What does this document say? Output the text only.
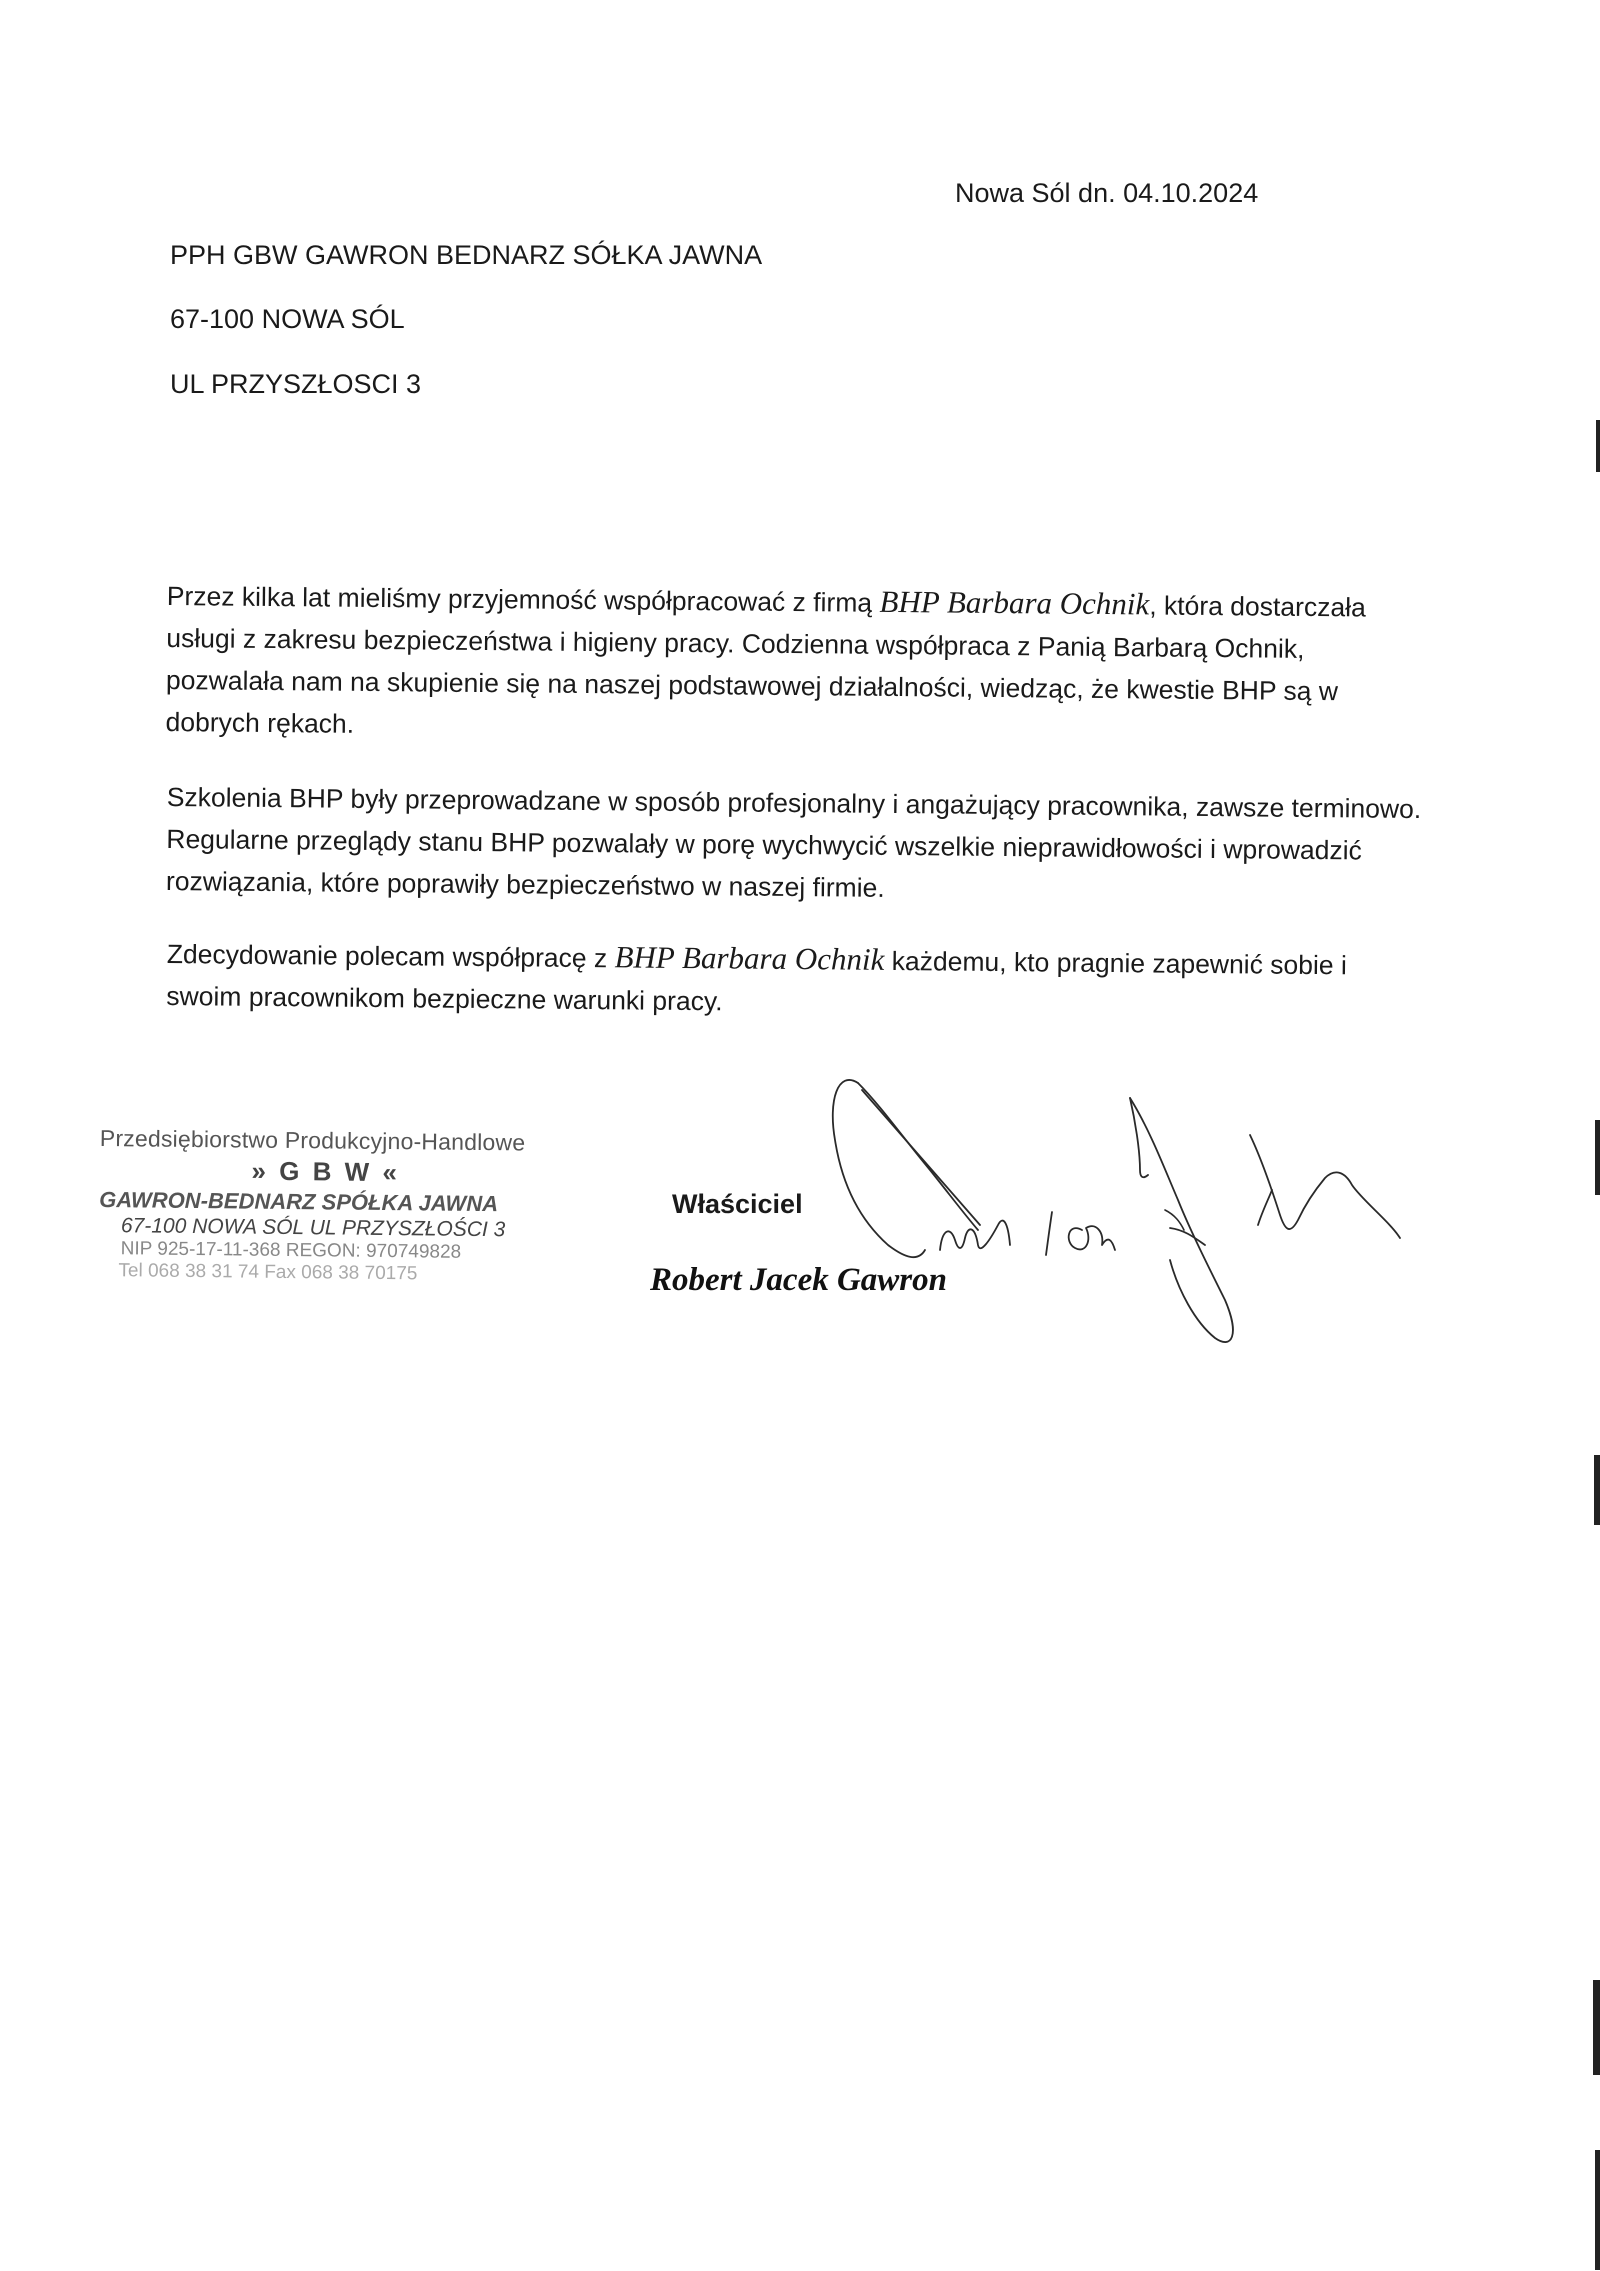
Nowa Sól dn. 04.10.2024
PPH GBW GAWRON BEDNARZ SÓŁKA JAWNA
67-100 NOWA SÓL
UL PRZYSZŁOSCI 3

Przez kilka lat mieliśmy przyjemność współpracować z firmą BHP Barbara Ochnik, która dostarczała usługi z zakresu bezpieczeństwa i higieny pracy. Codzienna współpraca z Panią Barbarą Ochnik, pozwalała nam na skupienie się na naszej podstawowej działalności, wiedząc, że kwestie BHP są w dobrych rękach.

Szkolenia BHP były przeprowadzane w sposób profesjonalny i angażujący pracownika, zawsze terminowo. Regularne przeglądy stanu BHP pozwalały w porę wychwycić wszelkie nieprawidłowości i wprowadzić rozwiązania, które poprawiły bezpieczeństwo w naszej firmie.

Zdecydowanie polecam współpracę z BHP Barbara Ochnik każdemu, kto pragnie zapewnić sobie i swoim pracownikom bezpieczne warunki pracy.

Przedsiębiorstwo Produkcyjno-Handlowe
» G B W «
GAWRON-BEDNARZ SPÓŁKA JAWNA
67-100 NOWA SÓL UL PRZYSZŁOŚCI 3
NIP 925-17-11-368 REGON: 970749828
Tel 068 38 31 74 Fax 068 38 70175
Właściciel
Robert Jacek Gawron
